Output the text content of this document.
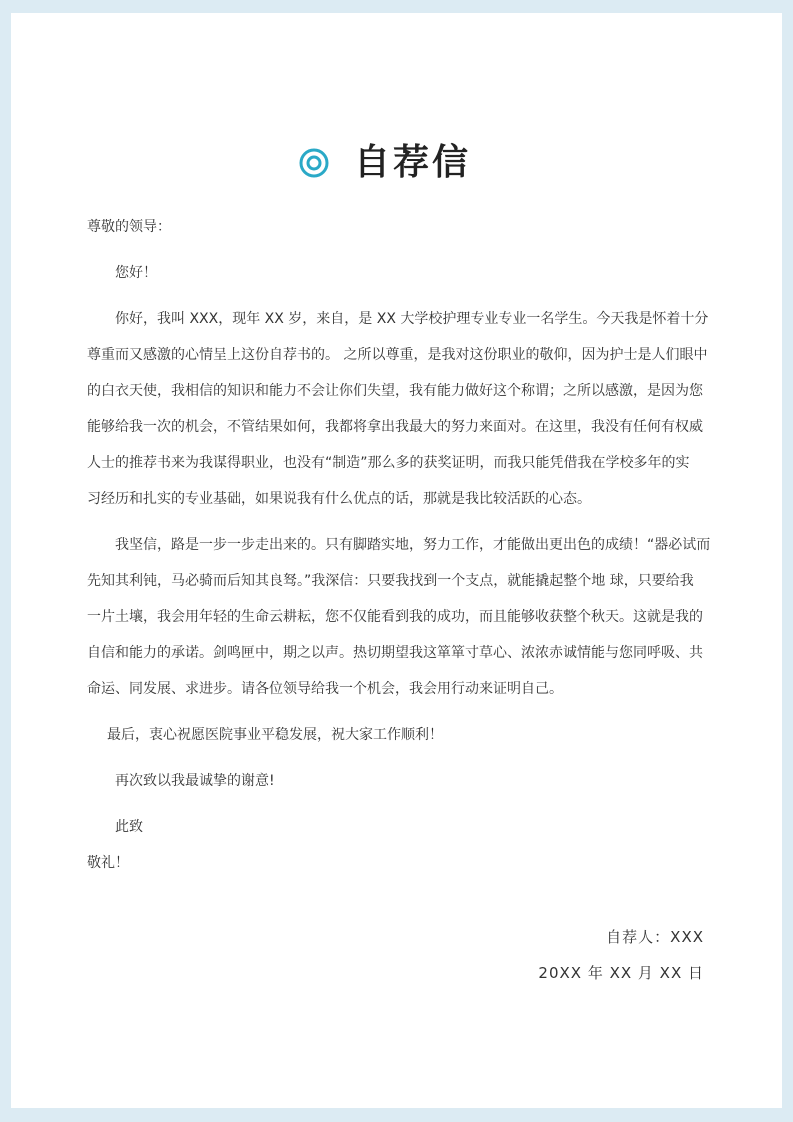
自荐信
尊敬的领导：
您好！
你好，我叫 XXX，现年 XX 岁，来自，是 XX 大学校护理专业专业一名学生。今天我是怀着十分
尊重而又感激的心情呈上这份自荐书的。 之所以尊重，是我对这份职业的敬仰，因为护士是人们眼中
的白衣天使，我相信的知识和能力不会让你们失望，我有能力做好这个称谓；之所以感激，是因为您
能够给我一次的机会，不管结果如何，我都将拿出我最大的努力来面对。在这里，我没有任何有权威
人士的推荐书来为我谋得职业，也没有“制造”那么多的获奖证明，而我只能凭借我在学校多年的实
习经历和扎实的专业基础，如果说我有什么优点的话，那就是我比较活跃的心态。
我坚信，路是一步一步走出来的。只有脚踏实地，努力工作，才能做出更出色的成绩！“器必试而
先知其利钝，马必骑而后知其良驽。”我深信：只要我找到一个支点，就能撬起整个地 球，只要给我
一片土壤，我会用年轻的生命云耕耘，您不仅能看到我的成功，而且能够收获整个秋天。这就是我的
自信和能力的承诺。剑鸣匣中，期之以声。热切期望我这箪箪寸草心、浓浓赤诚情能与您同呼吸、共
命运、同发展、求进步。请各位领导给我一个机会，我会用行动来证明自己。
最后，衷心祝愿医院事业平稳发展，祝大家工作顺利！
再次致以我最诚挚的谢意!
此致
敬礼！
自荐人：XXX
20XX 年 XX 月 XX 日
